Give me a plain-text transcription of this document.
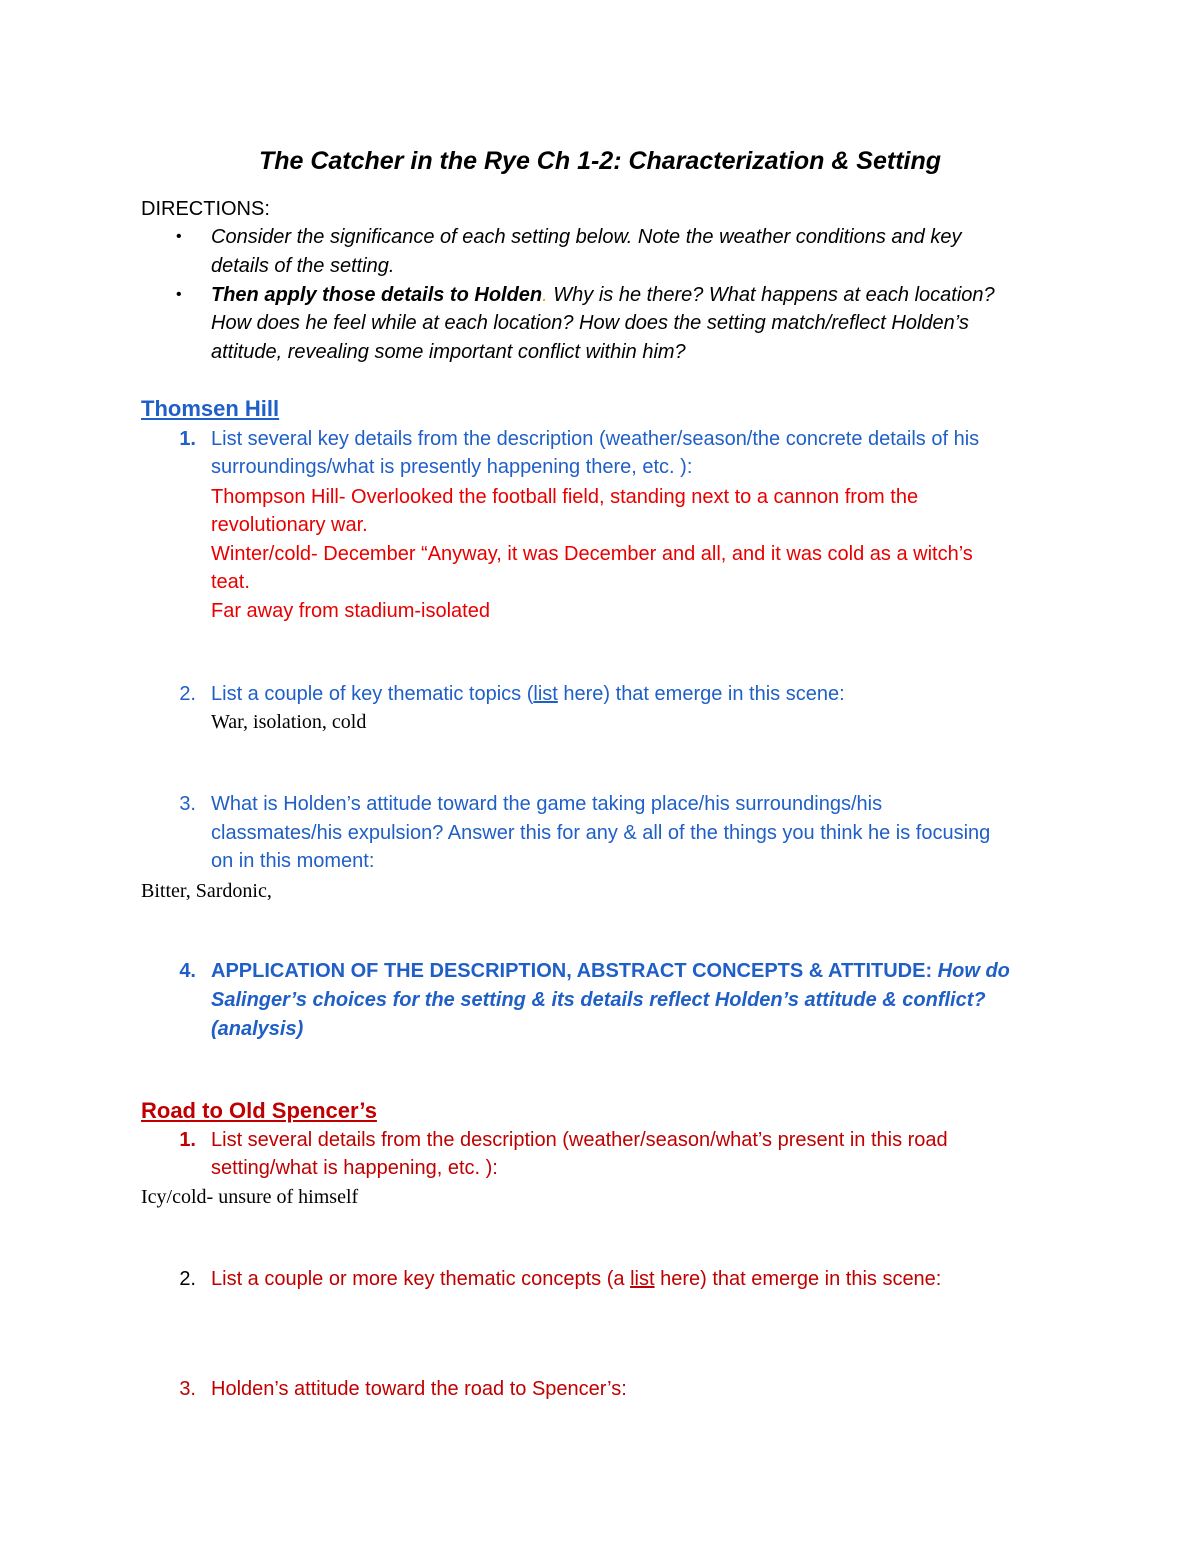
The Catcher in the Rye Ch 1-2: Characterization & Setting
DIRECTIONS:
• Consider the significance of each setting below. Note the weather conditions and key
details of the setting.
• Then apply those details to Holden. Why is he there? What happens at each location?
How does he feel while at each location? How does the setting match/reflect Holden’s
attitude, revealing some important conflict within him?
Thomsen Hill
1. List several key details from the description (weather/season/the concrete details of his
surroundings/what is presently happening there, etc. ):
Thompson Hill- Overlooked the football field, standing next to a cannon from the
revolutionary war.
Winter/cold- December “Anyway, it was December and all, and it was cold as a witch’s
teat.
Far away from stadium-isolated
2. List a couple of key thematic topics (list here) that emerge in this scene:
War, isolation, cold
3. What is Holden’s attitude toward the game taking place/his surroundings/his
classmates/his expulsion? Answer this for any & all of the things you think he is focusing
on in this moment:
Bitter, Sardonic,
4. APPLICATION OF THE DESCRIPTION, ABSTRACT CONCEPTS & ATTITUDE: How do
Salinger’s choices for the setting & its details reflect Holden’s attitude & conflict?
(analysis)
Road to Old Spencer’s
1. List several details from the description (weather/season/what’s present in this road
setting/what is happening, etc. ):
Icy/cold- unsure of himself
2. List a couple or more key thematic concepts (a list here) that emerge in this scene:
3. Holden’s attitude toward the road to Spencer’s:
